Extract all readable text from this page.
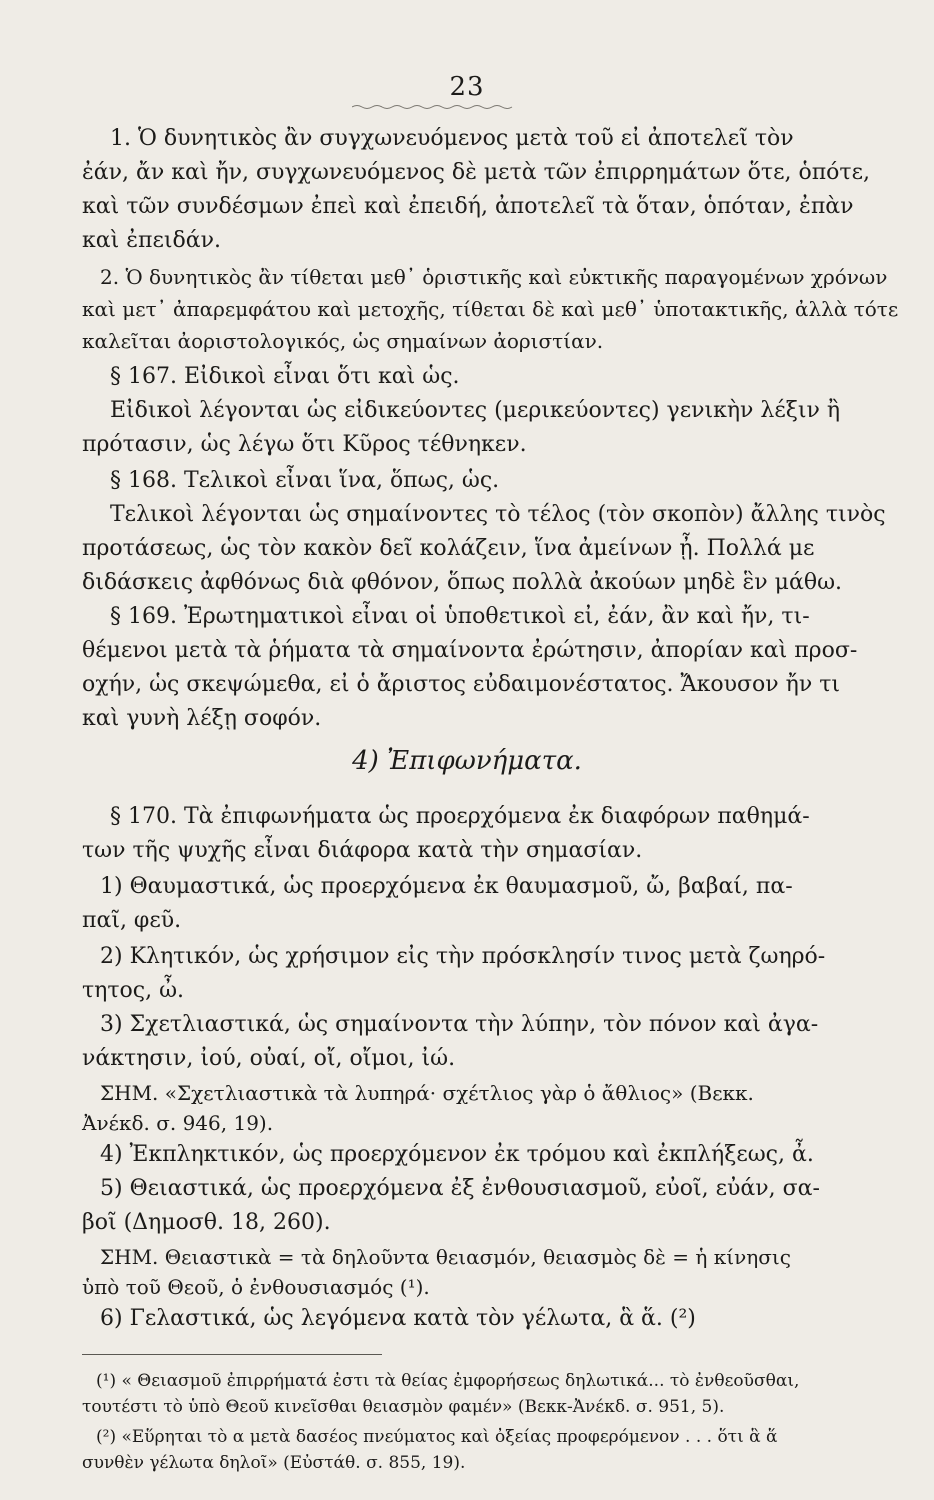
23
1. Ὁ δυνητικὸς ἂν συγχωνευόμενος μετὰ τοῦ εἰ ἀποτελεῖ τὸν
ἐάν, ἄν καὶ ἤν, συγχωνευόμενος δὲ μετὰ τῶν ἐπιρρημάτων ὅτε, ὁπότε,
καὶ τῶν συνδέσμων ἐπεὶ καὶ ἐπειδή, ἀποτελεῖ τὰ ὅταν, ὁπόταν, ἐπὰν
καὶ ἐπειδάν.
2. Ὁ δυνητικὸς ἂν τίθεται μεθ᾽ ὁριστικῆς καὶ εὐκτικῆς παραγομένων χρόνων
καὶ μετ᾽ ἀπαρεμφάτου καὶ μετοχῆς, τίθεται δὲ καὶ μεθ᾽ ὑποτακτικῆς, ἀλλὰ τότε
καλεῖται ἀοριστολογικός, ὡς σημαίνων ἀοριστίαν.
§ 167. Εἰδικοὶ εἶναι ὅτι καὶ ὡς.
Εἰδικοὶ λέγονται ὡς εἰδικεύοντες (μερικεύοντες) γενικὴν λέξιν ἢ
πρότασιν, ὡς λέγω ὅτι Κῦρος τέθνηκεν.
§ 168. Τελικοὶ εἶναι ἵνα, ὅπως, ὡς.
Τελικοὶ λέγονται ὡς σημαίνοντες τὸ τέλος (τὸν σκοπὸν) ἄλλης τινὸς
προτάσεως, ὡς τὸν κακὸν δεῖ κολάζειν, ἵνα ἀμείνων ᾖ. Πολλά με
διδάσκεις ἀφθόνως διὰ φθόνον, ὅπως πολλὰ ἀκούων μηδὲ ἓν μάθω.
§ 169. Ἐρωτηματικοὶ εἶναι οἱ ὑποθετικοὶ εἰ, ἐάν, ἂν καὶ ἤν, τι-
θέμενοι μετὰ τὰ ῥήματα τὰ σημαίνοντα ἐρώτησιν, ἀπορίαν καὶ προσ-
οχήν, ὡς σκεψώμεθα, εἰ ὁ ἄριστος εὐδαιμονέστατος. Ἄκουσον ἤν τι
καὶ γυνὴ λέξῃ σοφόν.
4) Ἐπιφωνήματα.
§ 170. Τὰ ἐπιφωνήματα ὡς προερχόμενα ἐκ διαφόρων παθημά-
των τῆς ψυχῆς εἶναι διάφορα κατὰ τὴν σημασίαν.
1) Θαυμαστικά, ὡς προερχόμενα ἐκ θαυμασμοῦ, ὤ, βαβαί, πα-
παῖ, φεῦ.
2) Κλητικόν, ὡς χρήσιμον εἰς τὴν πρόσκλησίν τινος μετὰ ζωηρό-
τητος, ὦ.
3) Σχετλιαστικά, ὡς σημαίνοντα τὴν λύπην, τὸν πόνον καὶ ἀγα-
νάκτησιν, ἰού, οὐαί, οἴ, οἴμοι, ἰώ.
ΣΗΜ. «Σχετλιαστικὰ τὰ λυπηρά· σχέτλιος γὰρ ὁ ἄθλιος» (Βεκκ.
Ἀνέκδ. σ. 946, 19).
4) Ἐκπληκτικόν, ὡς προερχόμενον ἐκ τρόμου καὶ ἐκπλήξεως, ἆ.
5) Θειαστικά, ὡς προερχόμενα ἐξ ἐνθουσιασμοῦ, εὐοῖ, εὐάν, σα-
βοῖ (Δημοσθ. 18, 260).
ΣΗΜ. Θειαστικὰ = τὰ δηλοῦντα θειασμόν, θειασμὸς δὲ = ἡ κίνησις
ὑπὸ τοῦ Θεοῦ, ὁ ἐνθουσιασμός (¹).
6) Γελαστικά, ὡς λεγόμενα κατὰ τὸν γέλωτα, ἃ ἅ. (²)
(¹) « Θειασμοῦ ἐπιρρήματά ἐστι τὰ θείας ἐμφορήσεως δηλωτικά... τὸ ἐνθεοῦσθαι,
τουτέστι τὸ ὑπὸ Θεοῦ κινεῖσθαι θειασμὸν φαμέν» (Βεκκ-Ἀνέκδ. σ. 951, 5).
(²) «Εὕρηται τὸ α μετὰ δασέος πνεύματος καὶ ὀξείας προφερόμενον . . . ὅτι ἃ ἅ
συνθὲν γέλωτα δηλοῖ» (Εὐστάθ. σ. 855, 19).
